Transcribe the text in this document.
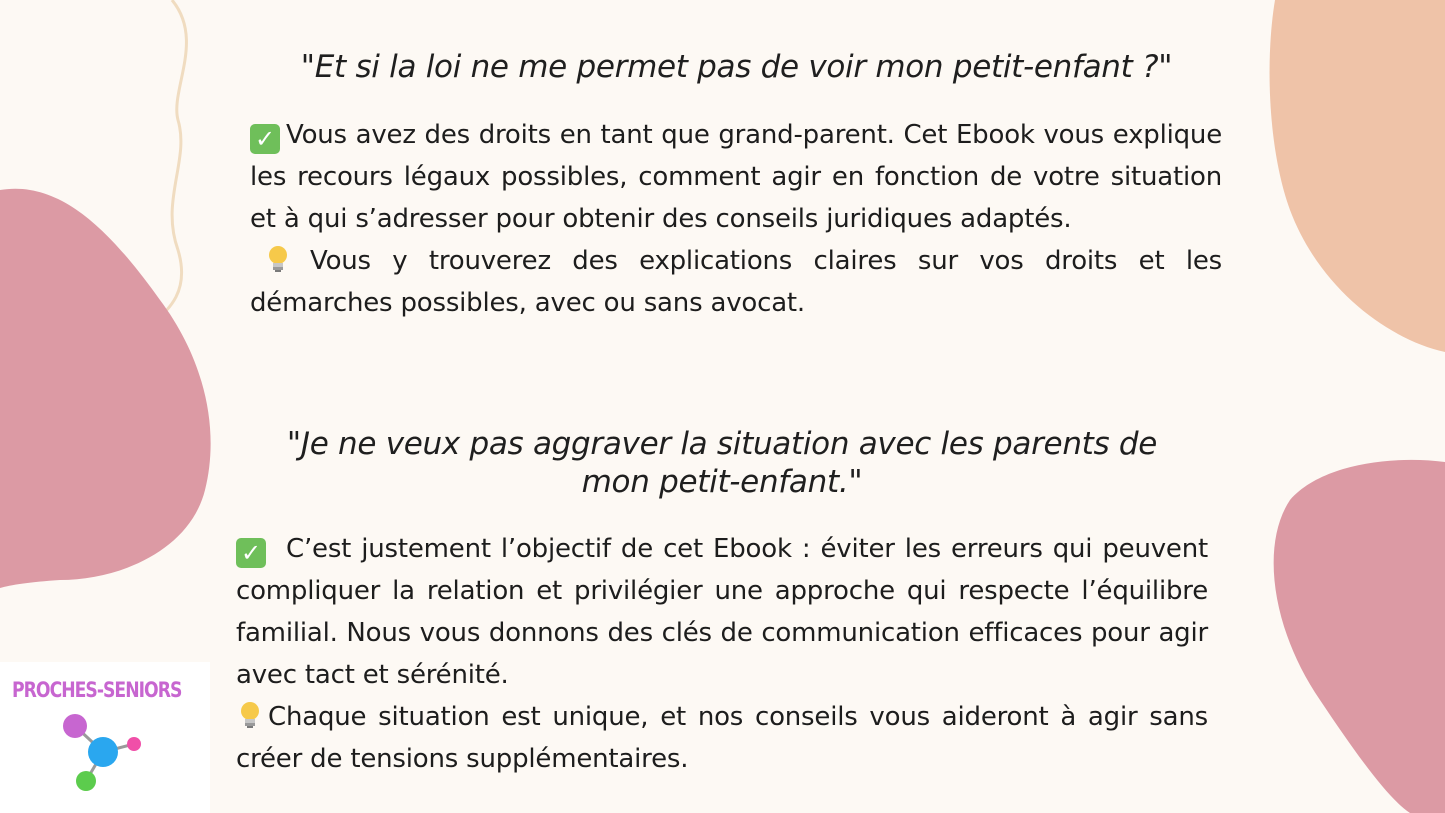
"Et si la loi ne me permet pas de voir mon petit-enfant ?"

✓ Vous avez des droits en tant que grand-parent. Cet Ebook vous explique les recours légaux possibles, comment agir en fonction de votre situation et à qui s’adresser pour obtenir des conseils juridiques adaptés.
Vous y trouverez des explications claires sur vos droits et les démarches possibles, avec ou sans avocat.

"Je ne veux pas aggraver la situation avec les parents de
mon petit-enfant."

✓ C’est justement l’objectif de cet Ebook : éviter les erreurs qui peuvent compliquer la relation et privilégier une approche qui respecte l’équilibre familial. Nous vous donnons des clés de communication efficaces pour agir avec tact et sérénité.
Chaque situation est unique, et nos conseils vous aideront à agir sans créer de tensions supplémentaires.

PROCHES-SENIORS
